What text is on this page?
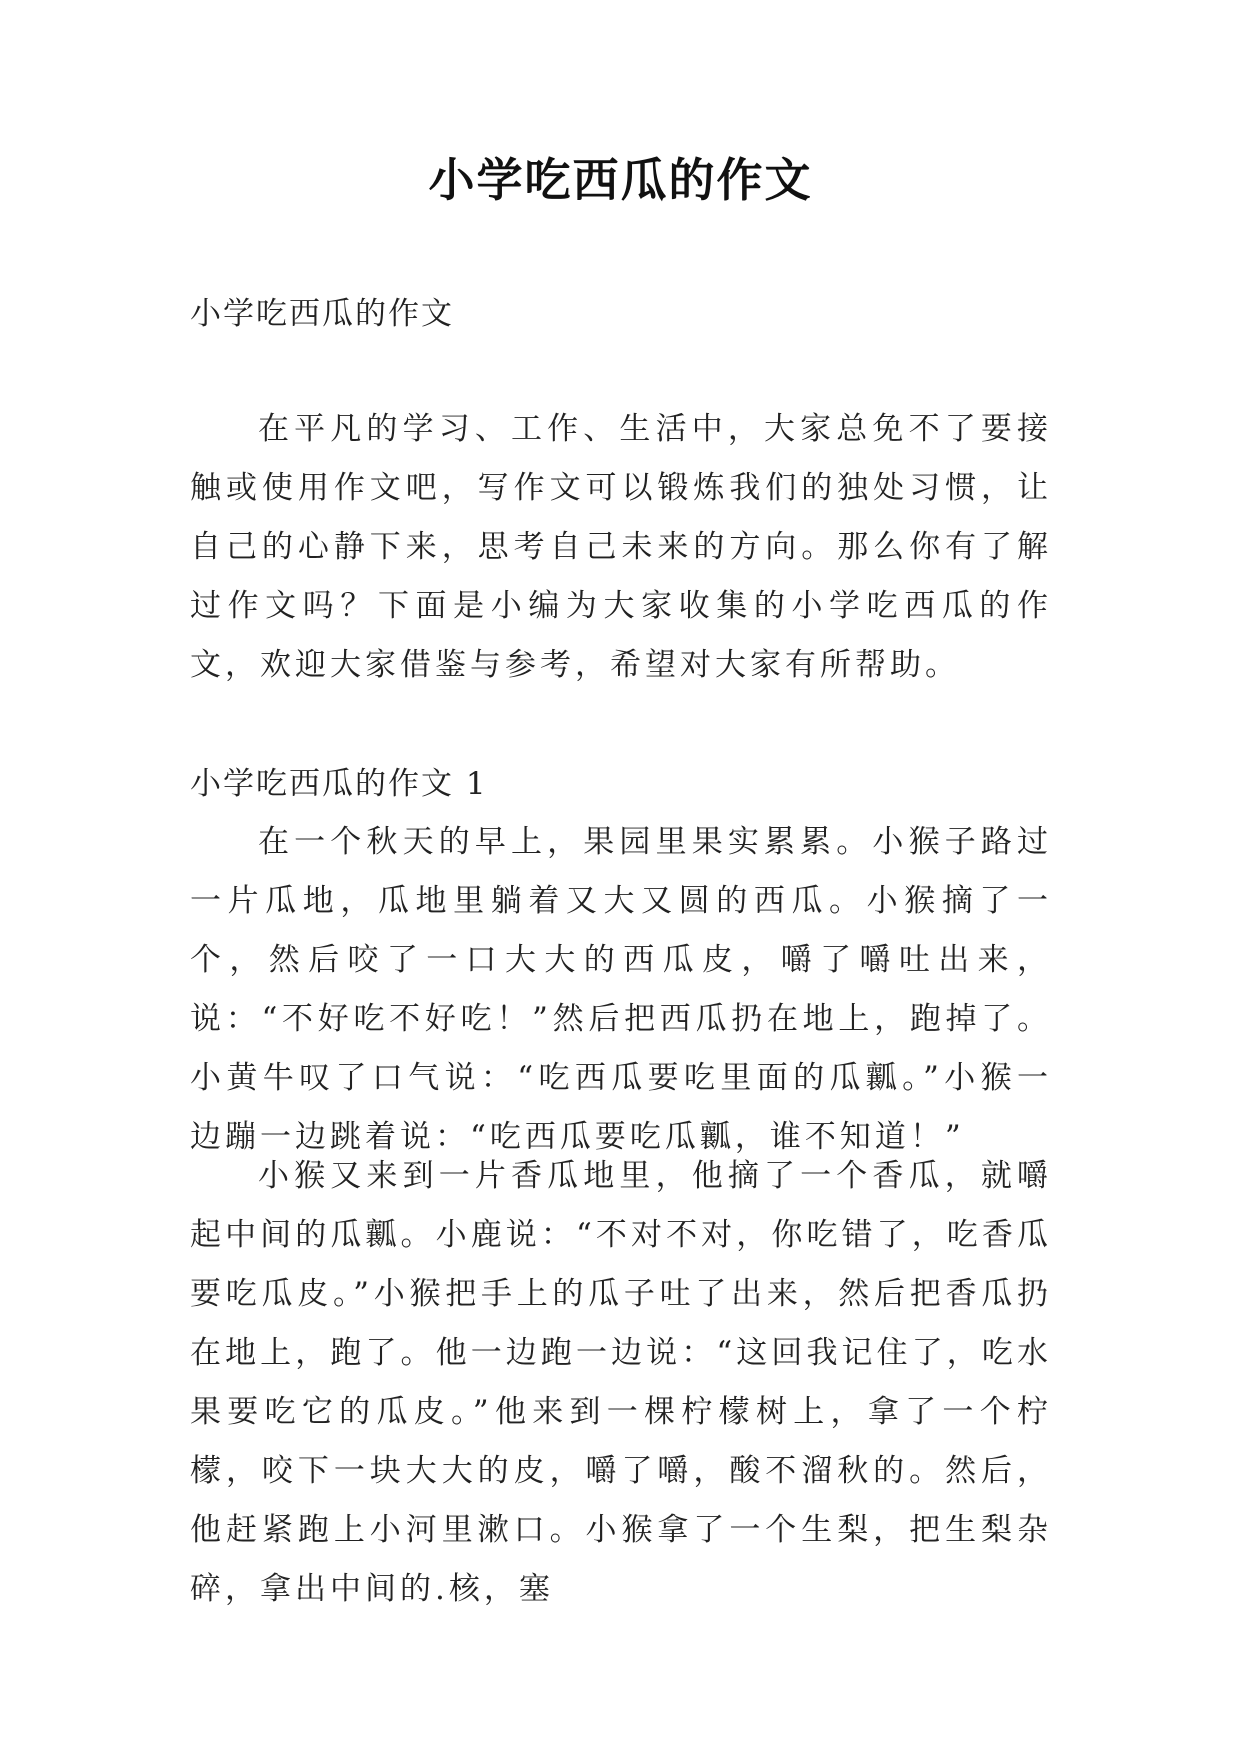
小学吃西瓜的作文
小学吃西瓜的作文

在平凡的学习、工作、生活中，大家总免不了要接触或使用作文吧，写作文可以锻炼我们的独处习惯，让自己的心静下来，思考自己未来的方向。那么你有了解过作文吗？下面是小编为大家收集的小学吃西瓜的作文，欢迎大家借鉴与参考，希望对大家有所帮助。

小学吃西瓜的作文 1

在一个秋天的早上，果园里果实累累。小猴子路过一片瓜地，瓜地里躺着又大又圆的西瓜。小猴摘了一个，然后咬了一口大大的西瓜皮，嚼了嚼吐出来，说：“不好吃不好吃！”然后把西瓜扔在地上，跑掉了。小黄牛叹了口气说：“吃西瓜要吃里面的瓜瓤。”小猴一边蹦一边跳着说：“吃西瓜要吃瓜瓤，谁不知道！”

小猴又来到一片香瓜地里，他摘了一个香瓜，就嚼起中间的瓜瓤。小鹿说：“不对不对，你吃错了，吃香瓜要吃瓜皮。”小猴把手上的瓜子吐了出来，然后把香瓜扔在地上，跑了。他一边跑一边说：“这回我记住了，吃水果要吃它的瓜皮。”他来到一棵柠檬树上，拿了一个柠檬，咬下一块大大的皮，嚼了嚼，酸不溜秋的。然后，他赶紧跑上小河里漱口。小猴拿了一个生梨，把生梨杂碎，拿出中间的.核，塞
